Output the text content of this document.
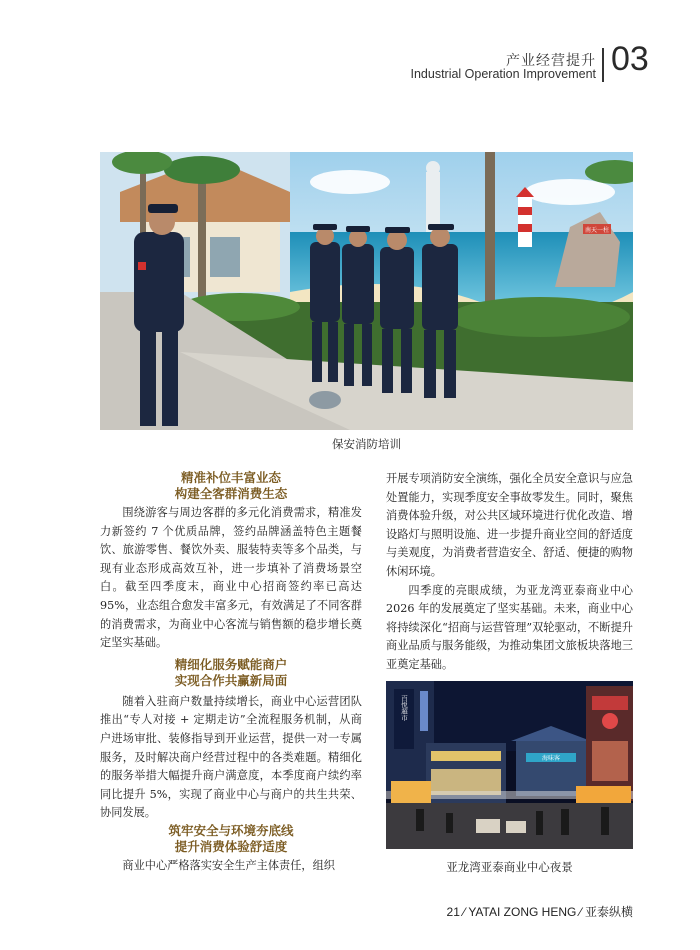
产业经营提升
Industrial Operation Improvement 03
南天一柱
保安消防培训
精准补位丰富业态
构建全客群消费生态

围绕游客与周边客群的多元化消费需求，精准发力新签约 7 个优质品牌，签约品牌涵盖特色主题餐饮、旅游零售、餐饮外卖、服装特卖等多个品类，与现有业态形成高效互补，进一步填补了消费场景空白。截至四季度末，商业中心招商签约率已高达 95%，业态组合愈发丰富多元，有效满足了不同客群的消费需求，为商业中心客流与销售额的稳步增长奠定坚实基础。

精细化服务赋能商户
实现合作共赢新局面

随着入驻商户数量持续增长，商业中心运营团队推出“专人对接 + 定期走访”全流程服务机制，从商户进场审批、装修指导到开业运营，提供一对一专属服务，及时解决商户经营过程中的各类难题。精细化的服务举措大幅提升商户满意度，本季度商户续约率同比提升 5%，实现了商业中心与商户的共生共荣、协同发展。

筑牢安全与环境夯底线
提升消费体验舒适度

商业中心严格落实安全生产主体责任，组织

开展专项消防安全演练，强化全员安全意识与应急处置能力，实现季度安全事故零发生。同时，聚焦消费体验升级，对公共区域环境进行优化改造、增设路灯与照明设施、进一步提升商业空间的舒适度与美观度，为消费者营造安全、舒适、便捷的购物休闲环境。

四季度的亮眼成绩，为亚龙湾亚泰商业中心 2026 年的发展奠定了坚实基础。未来，商业中心将持续深化“招商与运营管理”双轮驱动，不断提升商业品质与服务能级，为推动集团文旅板块落地三亚奠定基础。

百悦超市
海味客
亚龙湾亚泰商业中心夜景
21 ⁄ YATAI ZONG HENG ⁄ 亚泰纵横
